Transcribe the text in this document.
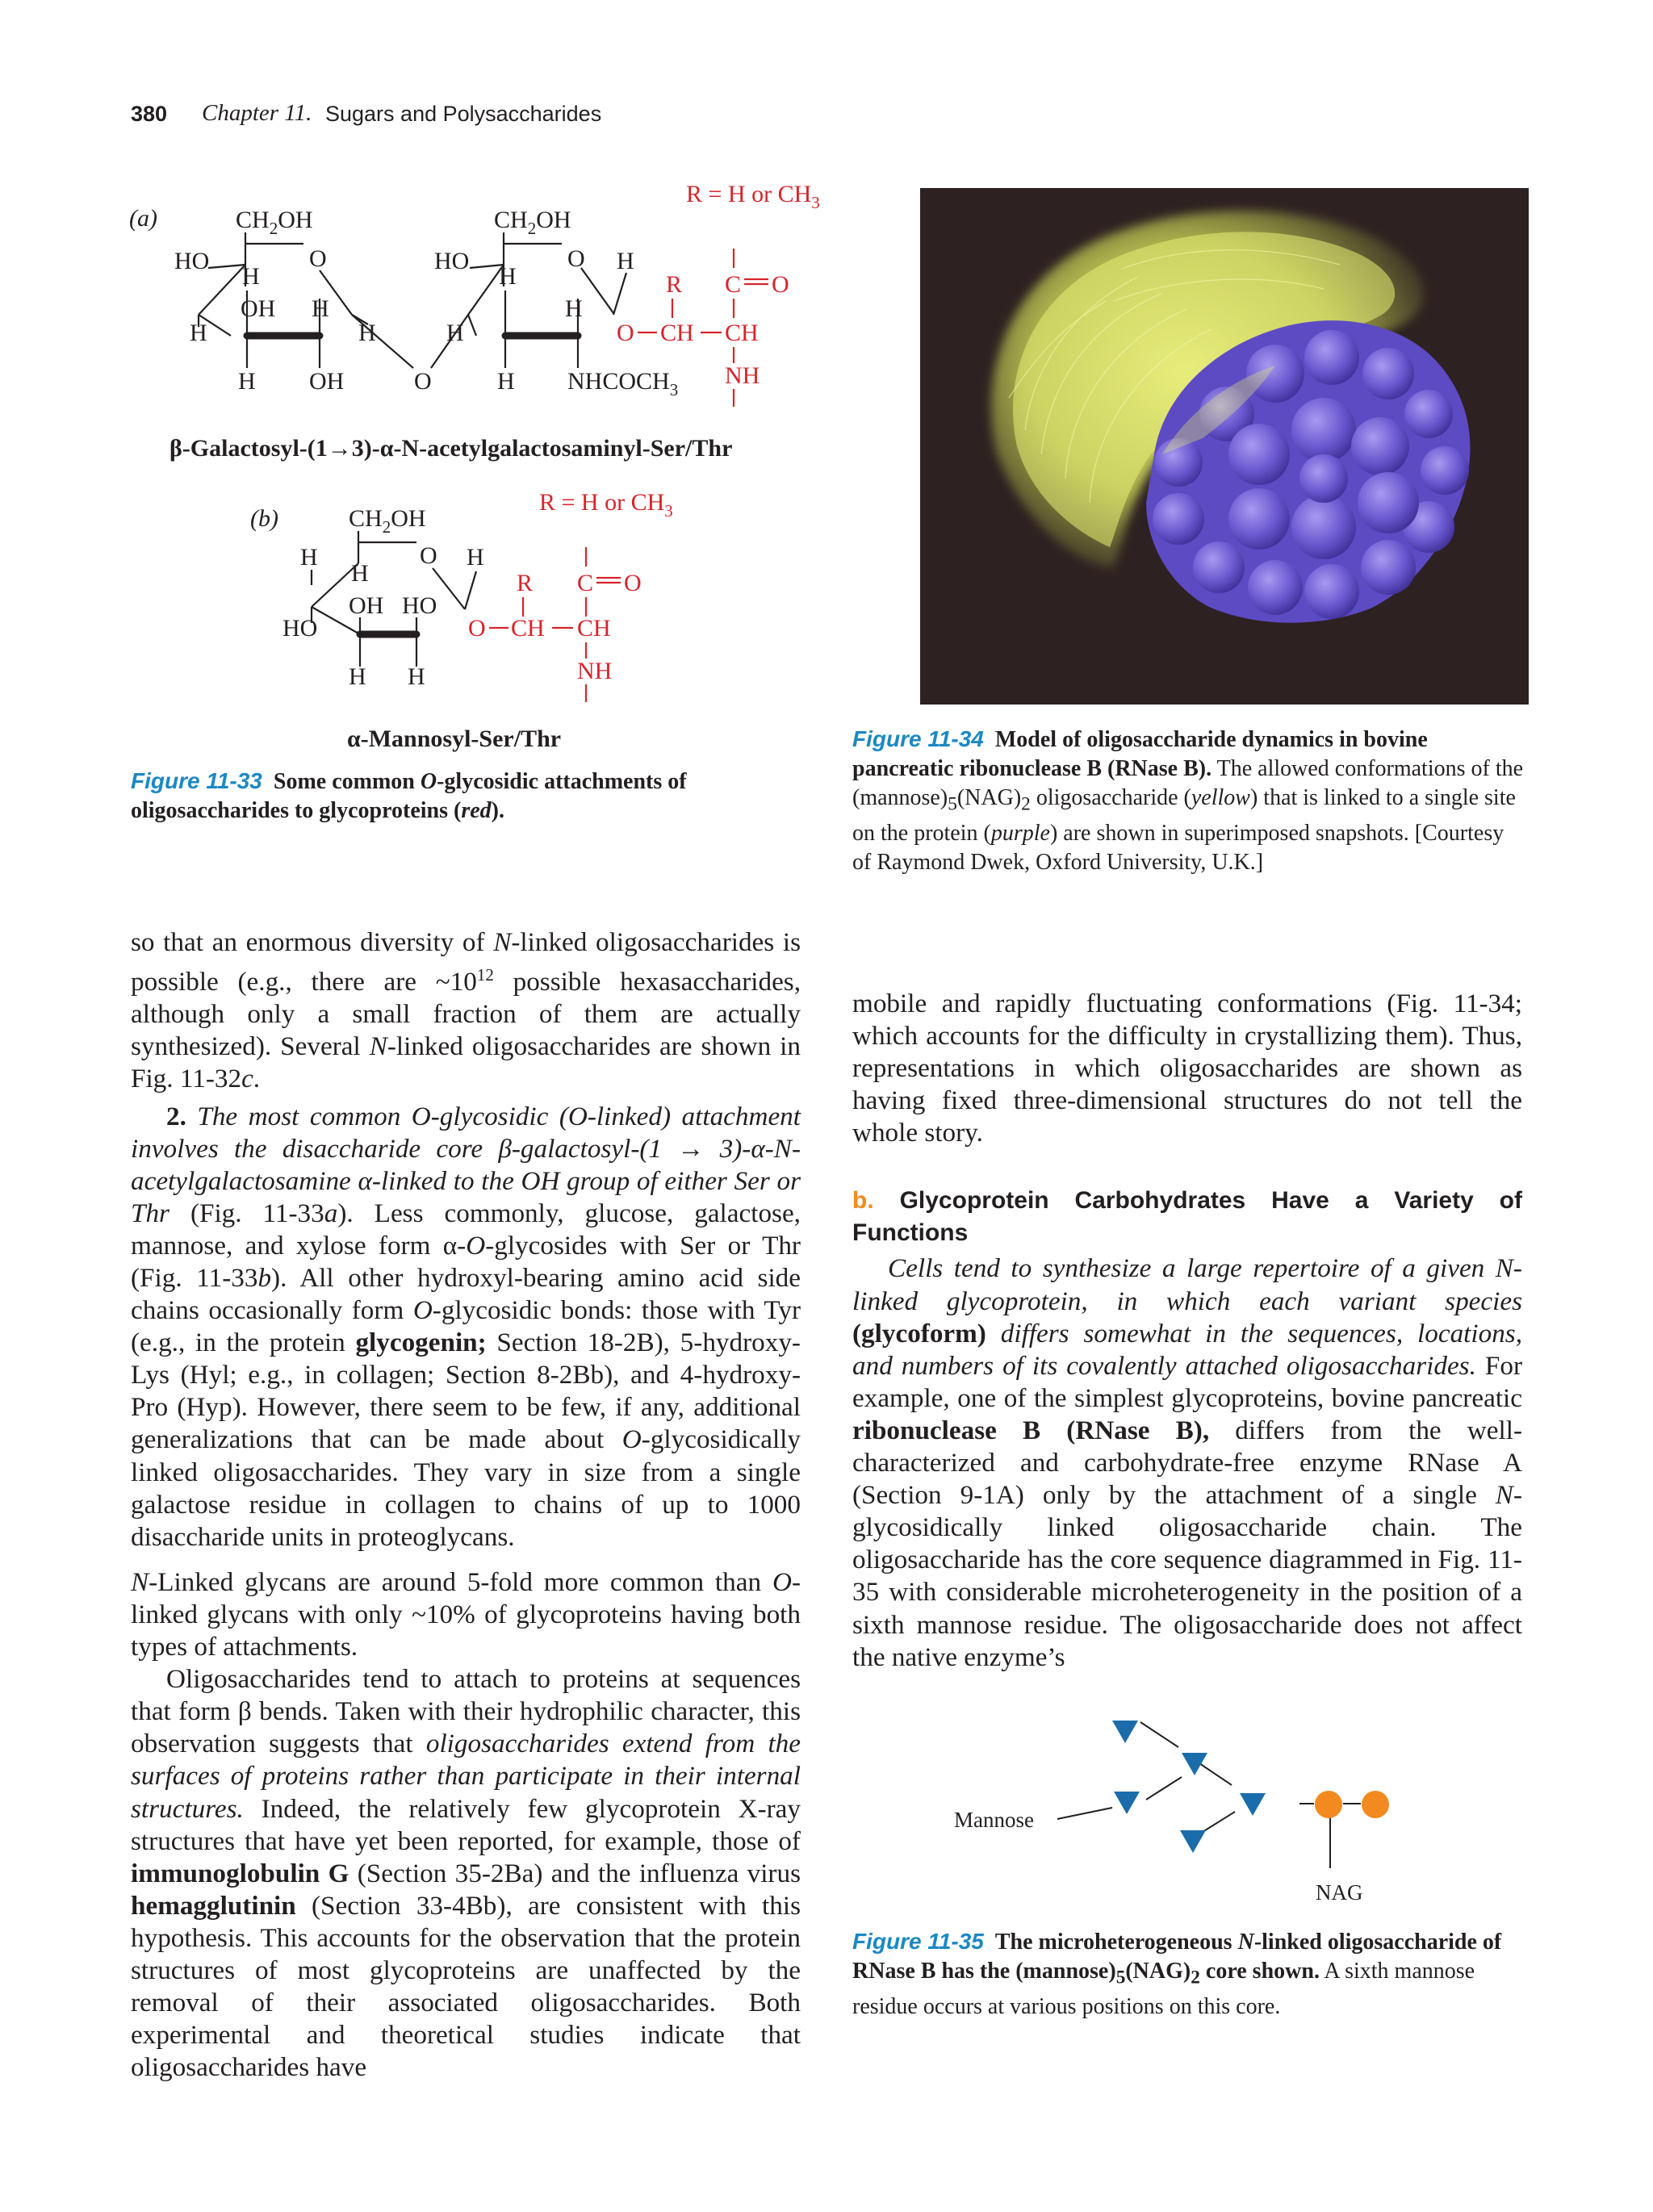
380 Chapter 11. Sugars and Polysaccharides
(a)	$CH_2OH$
O
HO
H
OH H
H	H
H OH	O
$CH_2OH$
O
HO	H
H
H
H
H $NHCOCH_3$
(b)	$CH_2OH$
O
H	H
H
OH HO
HO
H H
R = H or $CH_3$
R C O
O CH CH
NH
R = H or $CH_3$
R C O
O CH CH
NH
β-Galactosyl-(1→3)-α-N-acetylgalactosaminyl-Ser/Thr
α-Mannosyl-Ser/Thr
Figure 11-33 Some common O-glycosidic attachments of oligosaccharides to glycoproteins (red).
Figure 11-34 Model of oligosaccharide dynamics in bovine pancreatic ribonuclease B (RNase B). The allowed conformations of the $(mannose)_5(NAG)_2$ oligosaccharide (yellow) that is linked to a single site on the protein (purple) are shown in superimposed snapshots. [Courtesy of Raymond Dwek, Oxford University, U.K.]

so that an enormous diversity of N-linked oligosaccharides is possible (e.g., there are $\sim 10^{12}$ possible hexasaccharides, although only a small fraction of them are actually synthesized). Several N-linked oligosaccharides are shown in Fig. 11-32c.

2. The most common O-glycosidic (O-linked) attachment involves the disaccharide core β-galactosyl-(1 → 3)-α-N-acetylgalactosamine α-linked to the OH group of either Ser or Thr (Fig. 11-33a). Less commonly, glucose, galactose, mannose, and xylose form α-O-glycosides with Ser or Thr (Fig. 11-33b). All other hydroxyl-bearing amino acid side chains occasionally form O-glycosidic bonds: those with Tyr (e.g., in the protein glycogenin; Section 18-2B), 5-hydroxy-Lys (Hyl; e.g., in collagen; Section 8-2Bb), and 4-hydroxy-Pro (Hyp). However, there seem to be few, if any, additional generalizations that can be made about O-glycosidically linked oligosaccharides. They vary in size from a single galactose residue in collagen to chains of up to 1000 disaccharide units in proteoglycans.

N-Linked glycans are around 5-fold more common than O-linked glycans with only ~10% of glycoproteins having both types of attachments.

Oligosaccharides tend to attach to proteins at sequences that form β bends. Taken with their hydrophilic character, this observation suggests that oligosaccharides extend from the surfaces of proteins rather than participate in their internal structures. Indeed, the relatively few glycoprotein X-ray structures that have yet been reported, for example, those of immunoglobulin G (Section 35-2Ba) and the influenza virus hemagglutinin (Section 33-4Bb), are consistent with this hypothesis. This accounts for the observation that the protein structures of most glycoproteins are unaffected by the removal of their associated oligosaccharides. Both experimental and theoretical studies indicate that oligosaccharides have

mobile and rapidly fluctuating conformations (Fig. 11-34; which accounts for the difficulty in crystallizing them). Thus, representations in which oligosaccharides are shown as having fixed three-dimensional structures do not tell the whole story.

b. Glycoprotein Carbohydrates Have a Variety of Functions

Cells tend to synthesize a large repertoire of a given N-linked glycoprotein, in which each variant species (glycoform) differs somewhat in the sequences, locations, and numbers of its covalently attached oligosaccharides. For example, one of the simplest glycoproteins, bovine pancreatic ribonuclease B (RNase B), differs from the well-characterized and carbohydrate-free enzyme RNase A (Section 9-1A) only by the attachment of a single N-glycosidically linked oligosaccharide chain. The oligosaccharide has the core sequence diagrammed in Fig. 11-35 with considerable microheterogeneity in the position of a sixth mannose residue. The oligosaccharide does not affect the native enzyme’s

Mannose
NAG
Figure 11-35 The microheterogeneous N-linked oligosaccharide of RNase B has the $(mannose)_5(NAG)_2$ core shown. A sixth mannose residue occurs at various positions on this core.
